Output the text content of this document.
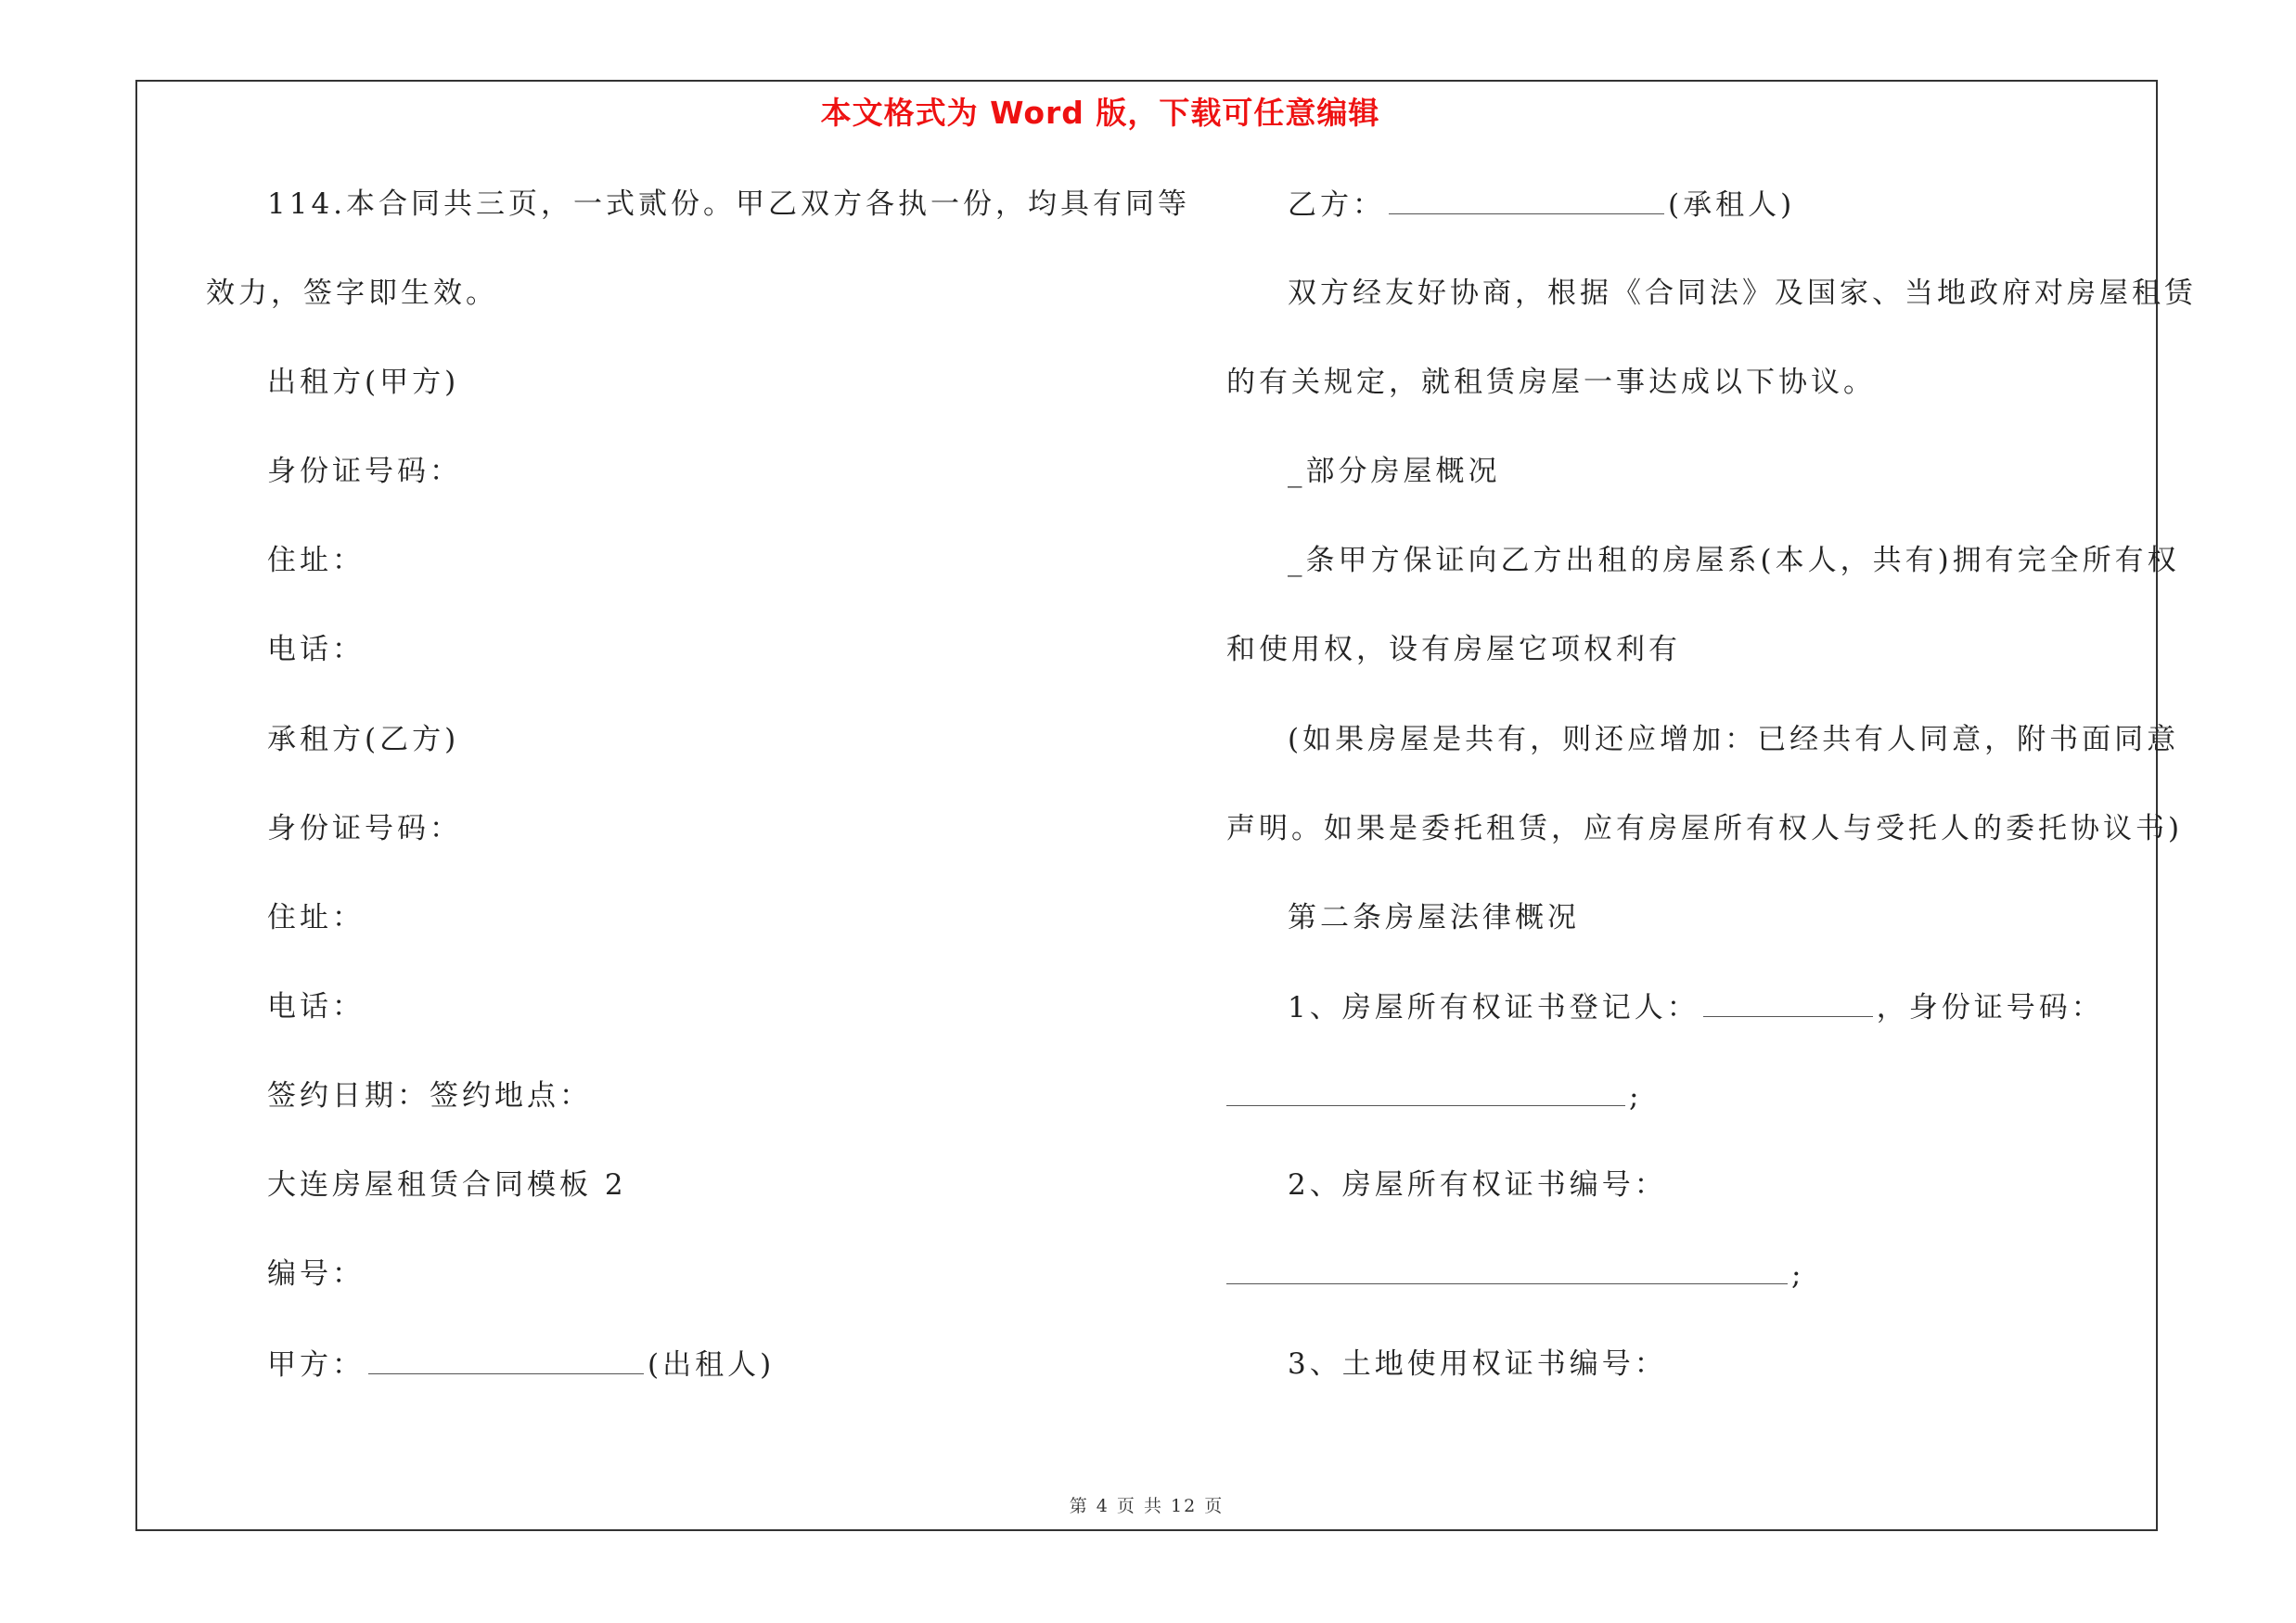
本文格式为 Word 版，下载可任意编辑
114.本合同共三页，一式贰份。甲乙双方各执一份，均具有同等
效力，签字即生效。
出租方(甲方)
身份证号码：
住址：
电话：
承租方(乙方)
身份证号码：
住址：
电话：
签约日期：签约地点：
大连房屋租赁合同模板 2
编号：
甲方：	(出租人)
乙方：	(承租人)
双方经友好协商，根据《合同法》及国家、当地政府对房屋租赁
的有关规定，就租赁房屋一事达成以下协议。
_部分房屋概况
_条甲方保证向乙方出租的房屋系(本人，共有)拥有完全所有权
和使用权，设有房屋它项权利有
(如果房屋是共有，则还应增加：已经共有人同意，附书面同意
声明。如果是委托租赁，应有房屋所有权人与受托人的委托协议书)
第二条房屋法律概况
1、房屋所有权证书登记人：	，身份证号码：
;
2、房屋所有权证书编号：
;
3、土地使用权证书编号：
第 4 页 共 12 页
